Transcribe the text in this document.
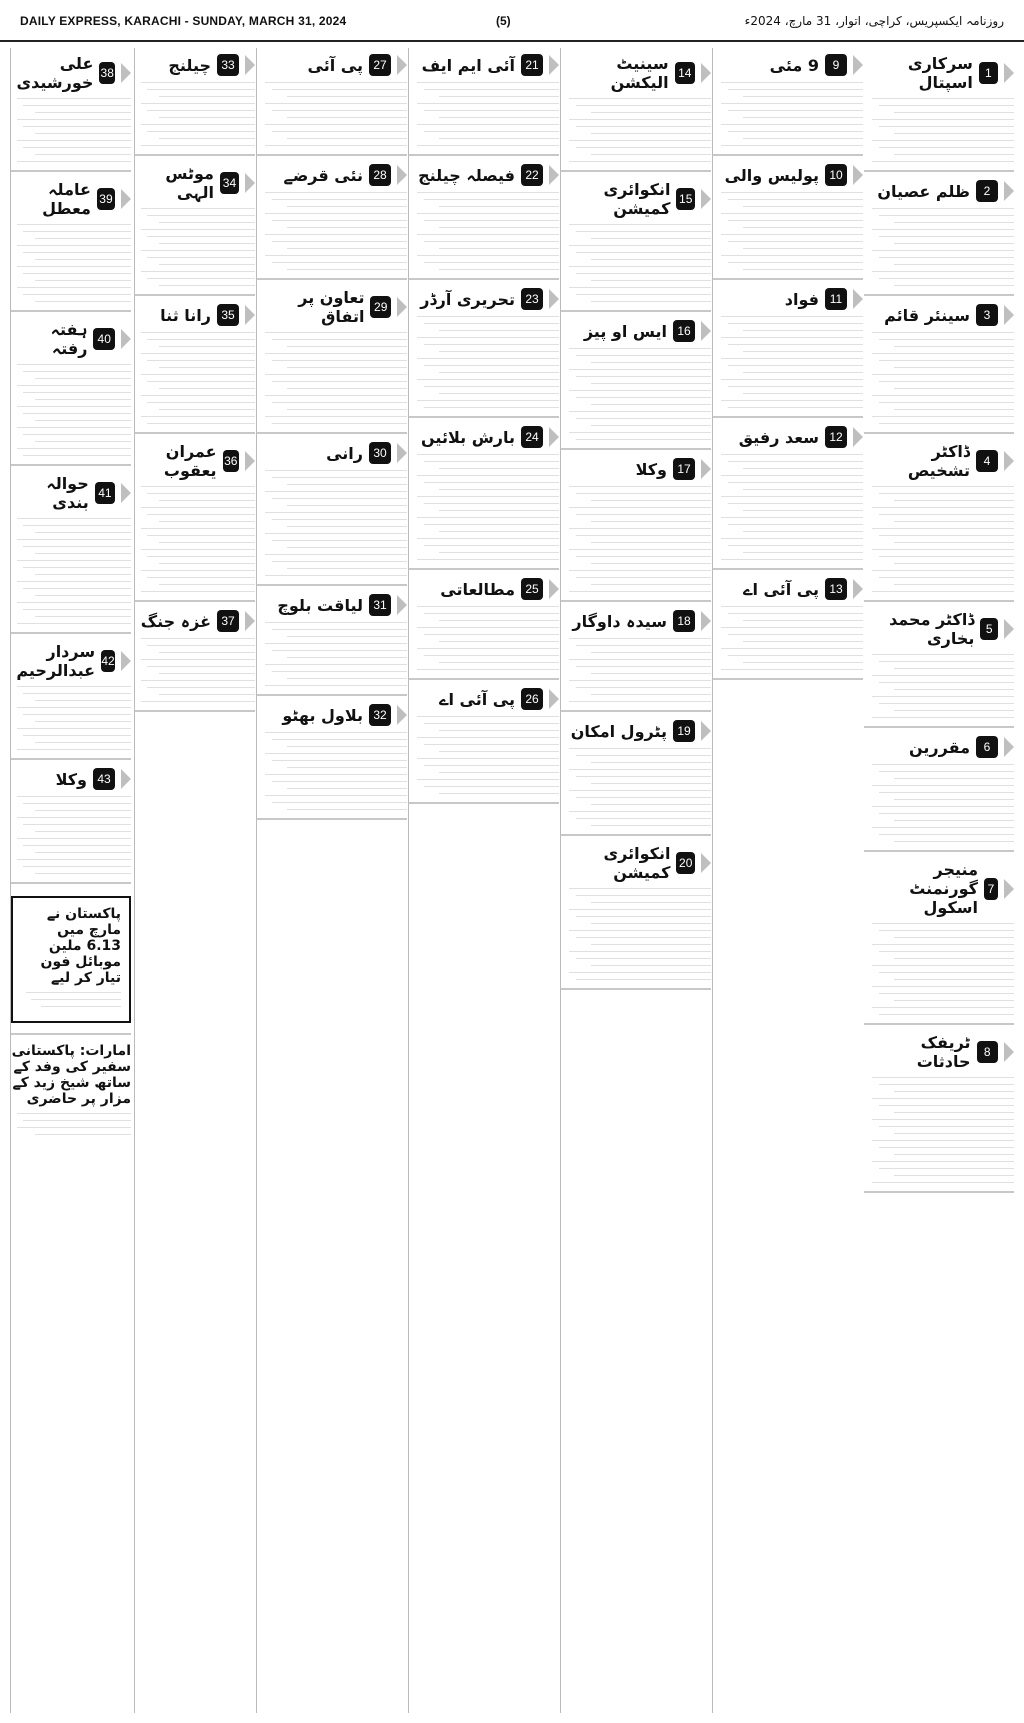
DAILY EXPRESS, KARACHI - SUNDAY, MARCH 31, 2024	(5)	روزنامہ ایکسپریس، کراچی، اتوار، 31 مارچ، 2024ء
سرکاری اسپتال	1
ظلم عصیان	2
سینئر قائم	3
ڈاکٹر تشخیص	4
ڈاکٹر محمد بخاری 5
مقررین	6
منیجر گورنمنٹ اسکول
7
ٹریفک حادثات	8
9 مئی	9
پولیس والی 10
فواد 11
سعد رفیق 12
پی آئی اے 13
سینیٹ الیکشن 14
انکوائری کمیشن 15
ایس او پیز 16
وکلا 17
سیدہ داوگار 18
پٹرول امکان 19
انکوائری کمیشن 20
آئی ایم ایف 21
فیصلہ چیلنج 22
تحریری آرڈر 23
بارش بلائیں 24
مطالعاتی 25
پی آئی اے 26
پی آئی 27
نئی قرضے 28
تعاون پر اتفاق 29
رانی 30
لیاقت بلوچ 31
بلاول بھٹو 32
چیلنج 33
موٹس الہی 34
رانا ثنا 35
عمران یعقوب 36
غزہ جنگ 37
علی خورشیدی 38
عاملہ معطل 39
ہفتہ رفتہ 40
حوالہ بندی 41
سردار عبدالرحیم 42
وکلا 43
پاکستان نے مارچ میں 6.13 ملین موبائل فون تیار کر لیے
امارات: پاکستانی سفیر کی وفد کے ساتھ شیخ زید کے مزار پر حاضری
